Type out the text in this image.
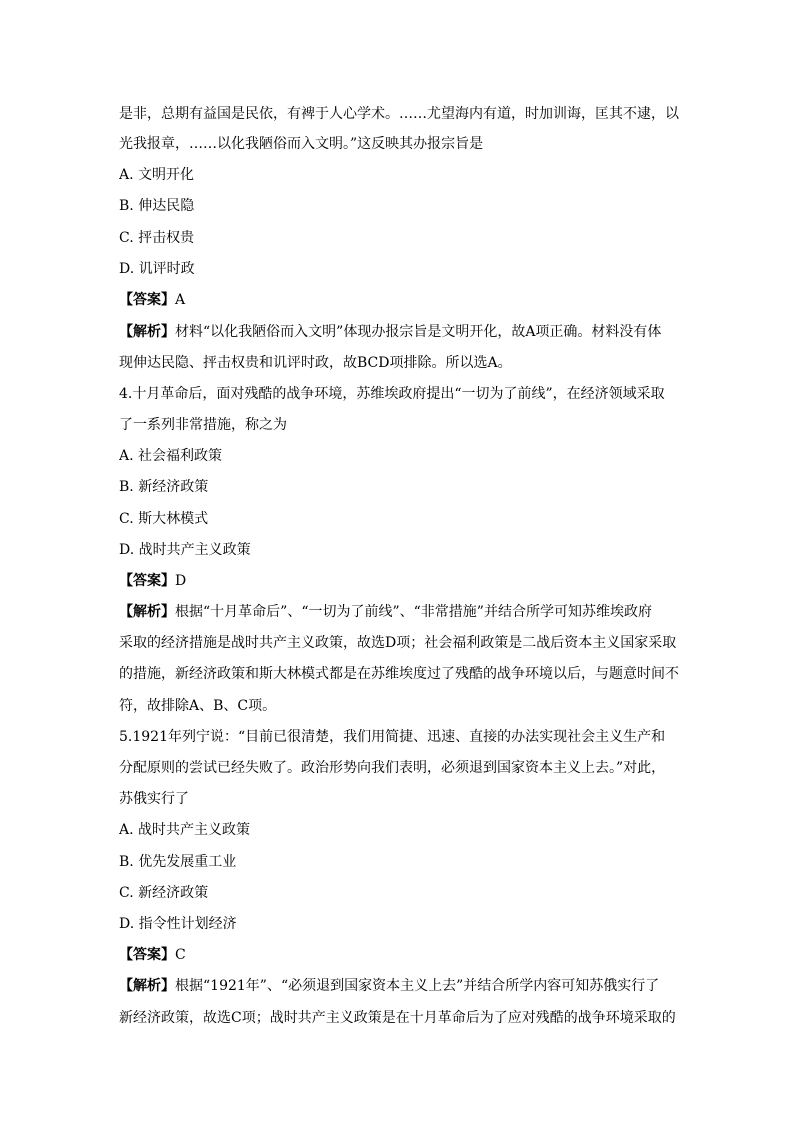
是非，总期有益国是民依，有裨于人心学术。……尤望海内有道，时加训诲，匡其不逮，以
光我报章，……以化我陋俗而入文明。”这反映其办报宗旨是
A. 文明开化
B. 伸达民隐
C. 抨击权贵
D. 讥评时政
【答案】A
【解析】材料“以化我陋俗而入文明”体现办报宗旨是文明开化，故A项正确。材料没有体
现伸达民隐、抨击权贵和讥评时政，故BCD项排除。所以选A。
4.十月革命后，面对残酷的战争环境，苏维埃政府提出“一切为了前线”，在经济领域采取
了一系列非常措施，称之为
A. 社会福利政策
B. 新经济政策
C. 斯大林模式
D. 战时共产主义政策
【答案】D
【解析】根据“十月革命后”、“一切为了前线”、“非常措施”并结合所学可知苏维埃政府
采取的经济措施是战时共产主义政策，故选D项；社会福利政策是二战后资本主义国家采取
的措施，新经济政策和斯大林模式都是在苏维埃度过了残酷的战争环境以后，与题意时间不
符，故排除A、B、C项。
5.1921年列宁说：“目前已很清楚，我们用简捷、迅速、直接的办法实现社会主义生产和
分配原则的尝试已经失败了。政治形势向我们表明，必须退到国家资本主义上去。”对此，
苏俄实行了
A. 战时共产主义政策
B. 优先发展重工业
C. 新经济政策
D. 指令性计划经济
【答案】C
【解析】根据“1921年”、“必须退到国家资本主义上去”并结合所学内容可知苏俄实行了
新经济政策，故选C项；战时共产主义政策是在十月革命后为了应对残酷的战争环境采取的
